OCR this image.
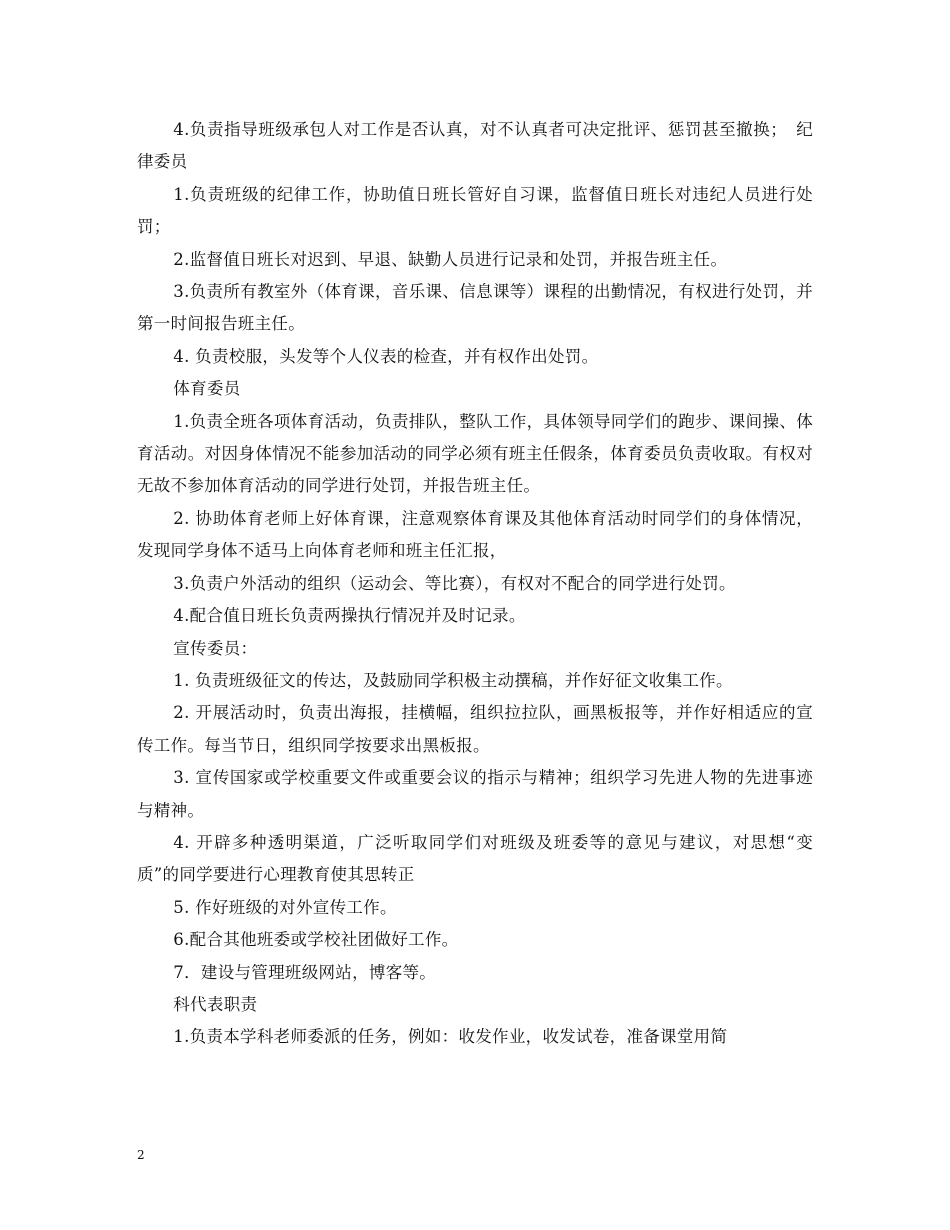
4.负责指导班级承包人对工作是否认真，对不认真者可决定批评、惩罚甚至撤换；　纪律委员

1.负责班级的纪律工作，协助值日班长管好自习课，监督值日班长对违纪人员进行处罚；

2.监督值日班长对迟到、早退、缺勤人员进行记录和处罚，并报告班主任。

3.负责所有教室外（体育课，音乐课、信息课等）课程的出勤情况，有权进行处罚，并第一时间报告班主任。

4. 负责校服，头发等个人仪表的检查，并有权作出处罚。

体育委员

1.负责全班各项体育活动，负责排队，整队工作，具体领导同学们的跑步、课间操、体育活动。对因身体情况不能参加活动的同学必须有班主任假条，体育委员负责收取。有权对无故不参加体育活动的同学进行处罚，并报告班主任。

2. 协助体育老师上好体育课，注意观察体育课及其他体育活动时同学们的身体情况，发现同学身体不适马上向体育老师和班主任汇报，

3.负责户外活动的组织（运动会、等比赛），有权对不配合的同学进行处罚。

4.配合值日班长负责两操执行情况并及时记录。

宣传委员：

1. 负责班级征文的传达，及鼓励同学积极主动撰稿，并作好征文收集工作。

2. 开展活动时，负责出海报，挂横幅，组织拉拉队，画黑板报等，并作好相适应的宣传工作。每当节日，组织同学按要求出黑板报。

3. 宣传国家或学校重要文件或重要会议的指示与精神；组织学习先进人物的先进事迹与精神。

4. 开辟多种透明渠道，广泛听取同学们对班级及班委等的意见与建议，对思想“变质”的同学要进行心理教育使其思转正

5. 作好班级的对外宣传工作。

6.配合其他班委或学校社团做好工作。

7．建设与管理班级网站，博客等。

科代表职责

1.负责本学科老师委派的任务，例如：收发作业，收发试卷，准备课堂用简

2
